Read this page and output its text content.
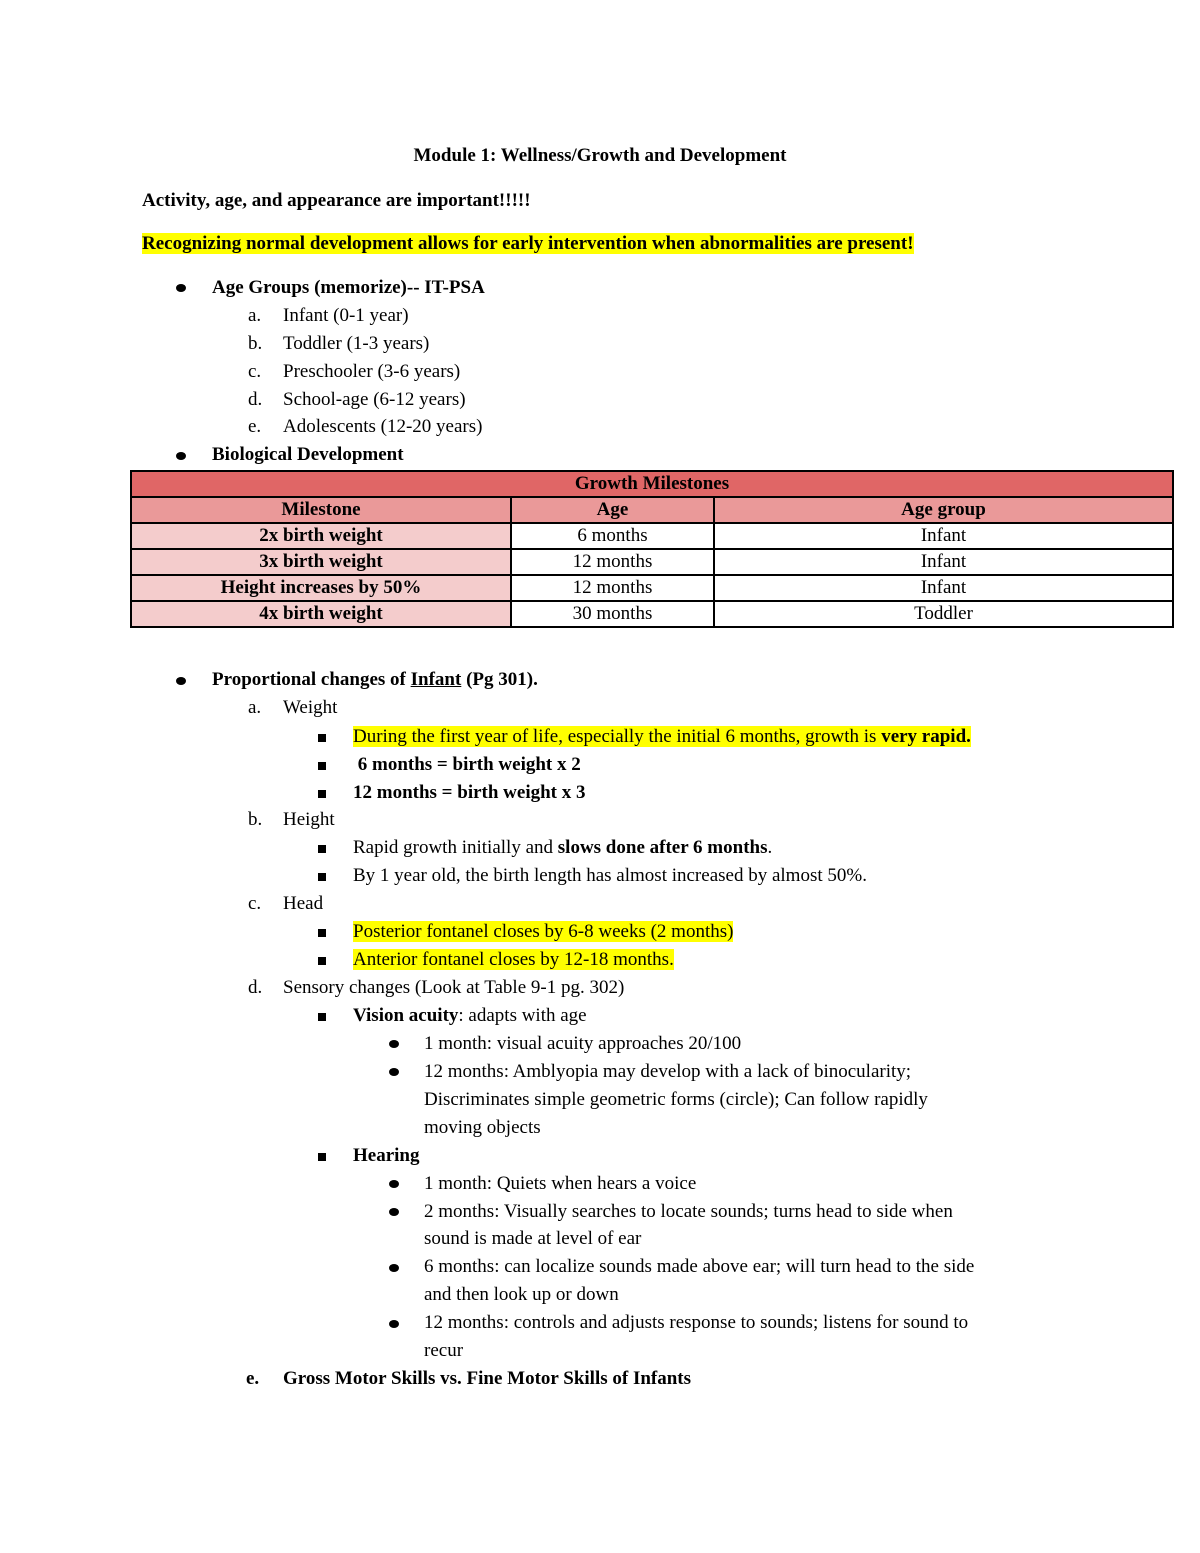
Module 1: Wellness/Growth and Development
Activity, age, and appearance are important!!!!!
Recognizing normal development allows for early intervention when abnormalities are present!
Age Groups (memorize)-- IT-PSA
a. Infant (0-1 year)
b. Toddler (1-3 years)
c. Preschooler (3-6 years)
d. School-age (6-12 years)
e. Adolescents (12-20 years)
Biological Development
Growth Milestones		
Milestone	Age	Age group
2x birth weight	6 months	Infant
3x birth weight	12 months	Infant
Height increases by 50%	12 months	Infant
4x birth weight	30 months	Toddler
Proportional changes of Infant (Pg 301).
a. Weight
During the first year of life, especially the initial 6 months, growth is very rapid.
6 months = birth weight x 2
12 months = birth weight x 3
b. Height
Rapid growth initially and slows done after 6 months.
By 1 year old, the birth length has almost increased by almost 50%.
c. Head
Posterior fontanel closes by 6-8 weeks (2 months)
Anterior fontanel closes by 12-18 months.
d. Sensory changes (Look at Table 9-1 pg. 302)
Vision acuity: adapts with age
1 month: visual acuity approaches 20/100
12 months: Amblyopia may develop with a lack of binocularity;
Discriminates simple geometric forms (circle); Can follow rapidly
moving objects
Hearing
1 month: Quiets when hears a voice
2 months: Visually searches to locate sounds; turns head to side when
sound is made at level of ear
6 months: can localize sounds made above ear; will turn head to the side
and then look up or down
12 months: controls and adjusts response to sounds; listens for sound to
recur
e. Gross Motor Skills vs. Fine Motor Skills of Infants
